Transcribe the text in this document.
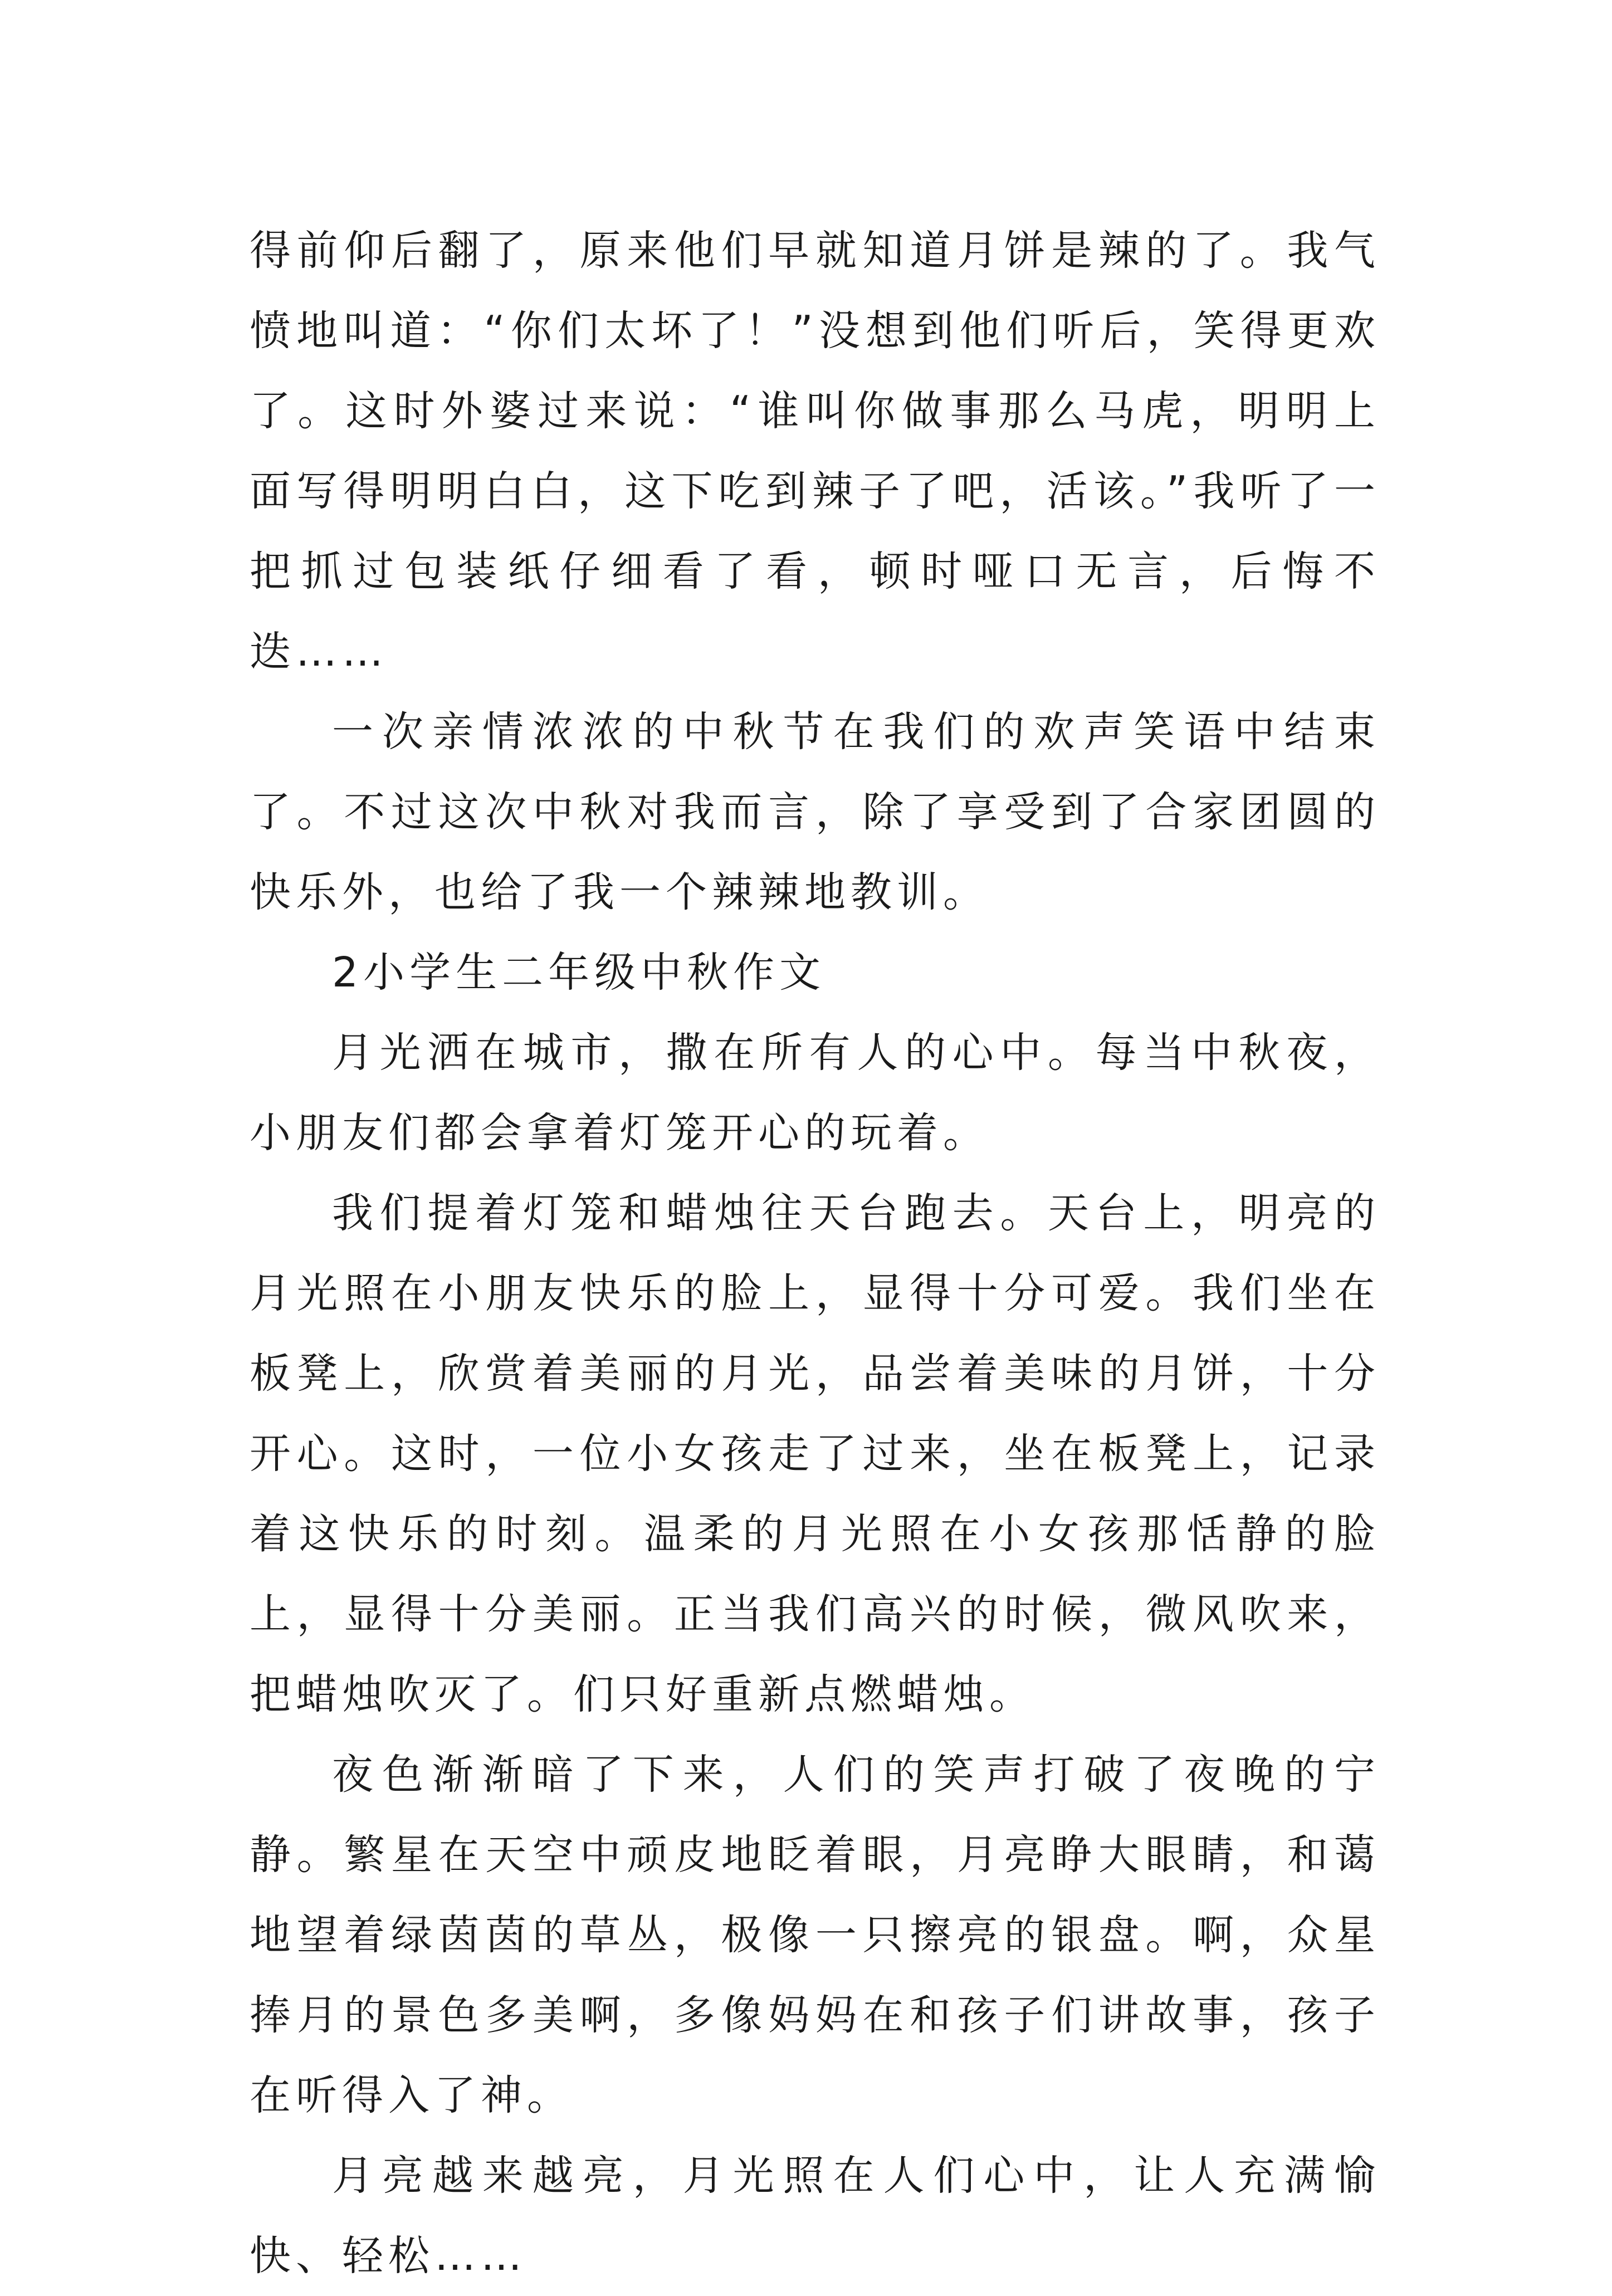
得前仰后翻了，原来他们早就知道月饼是辣的了。我气愤地叫道：“你们太坏了！”没想到他们听后，笑得更欢了。这时外婆过来说：“谁叫你做事那么马虎，明明上面写得明明白白，这下吃到辣子了吧，活该。”我听了一把抓过包装纸仔细看了看，顿时哑口无言，后悔不迭……

一次亲情浓浓的中秋节在我们的欢声笑语中结束了。不过这次中秋对我而言，除了享受到了合家团圆的快乐外，也给了我一个辣辣地教训。

2小学生二年级中秋作文

月光洒在城市，撒在所有人的心中。每当中秋夜，小朋友们都会拿着灯笼开心的玩着。

我们提着灯笼和蜡烛往天台跑去。天台上，明亮的月光照在小朋友快乐的脸上，显得十分可爱。我们坐在板凳上，欣赏着美丽的月光，品尝着美味的月饼，十分开心。这时，一位小女孩走了过来，坐在板凳上，记录着这快乐的时刻。温柔的月光照在小女孩那恬静的脸上，显得十分美丽。正当我们高兴的时候，微风吹来，把蜡烛吹灭了。们只好重新点燃蜡烛。

夜色渐渐暗了下来，人们的笑声打破了夜晚的宁静。繁星在天空中顽皮地眨着眼，月亮睁大眼睛，和蔼地望着绿茵茵的草丛，极像一只擦亮的银盘。啊，众星捧月的景色多美啊，多像妈妈在和孩子们讲故事，孩子在听得入了神。

月亮越来越亮，月光照在人们心中，让人充满愉快、轻松……
